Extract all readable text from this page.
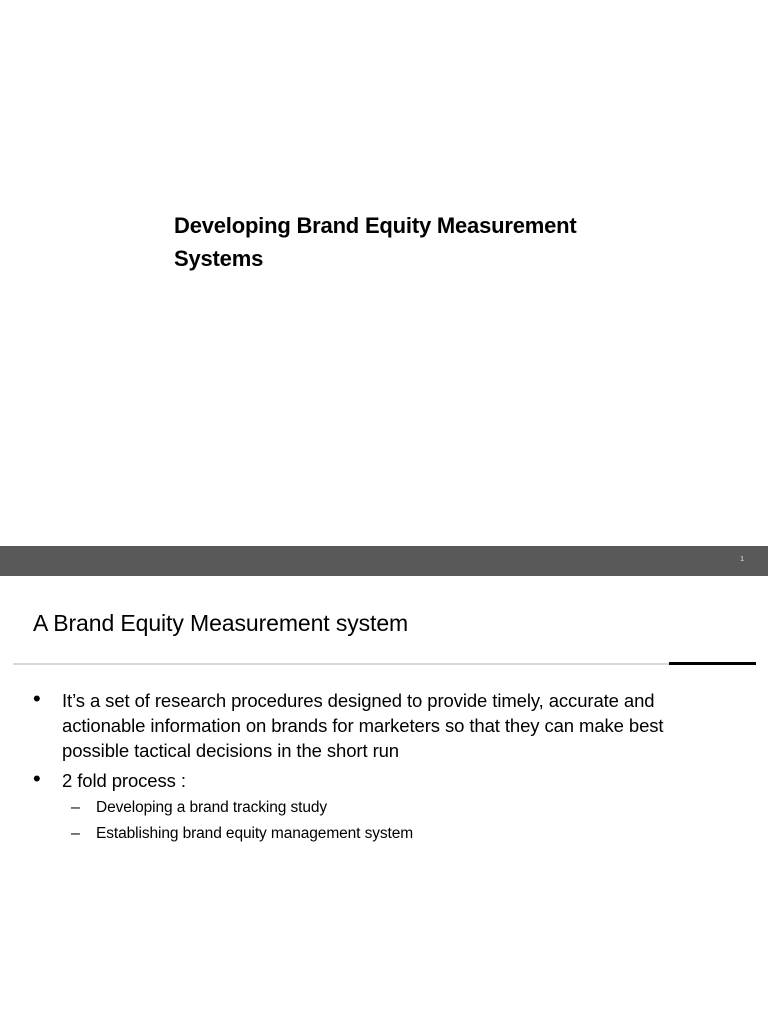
Developing Brand Equity Measurement
Systems
1
A Brand Equity Measurement system
• It’s a set of research procedures designed to provide timely, accurate and
actionable information on brands for marketers so that they can make best
possible tactical decisions in the short run
• 2 fold process :
– Developing a brand tracking study
– Establishing brand equity management system
